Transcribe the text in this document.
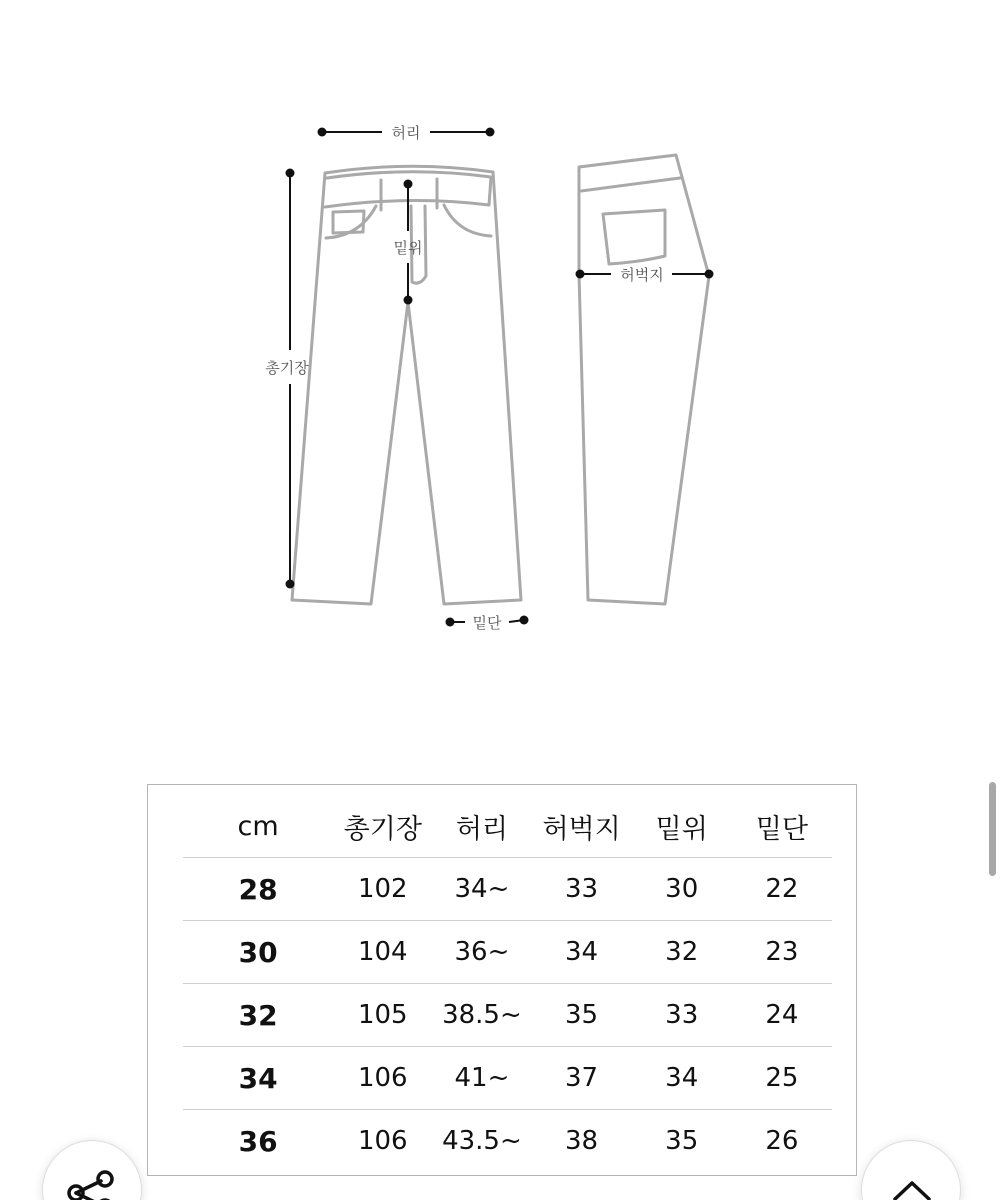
허리
밑위
총기장
허벅지
밑단
cm	총기장	허리	허벅지	밑위	밑단
28	102	34~	33	30	22
30	104	36~	34	32	23
32	105	38.5~	35	33	24
34	106	41~	37	34	25
36	106	43.5~	38	35	26
